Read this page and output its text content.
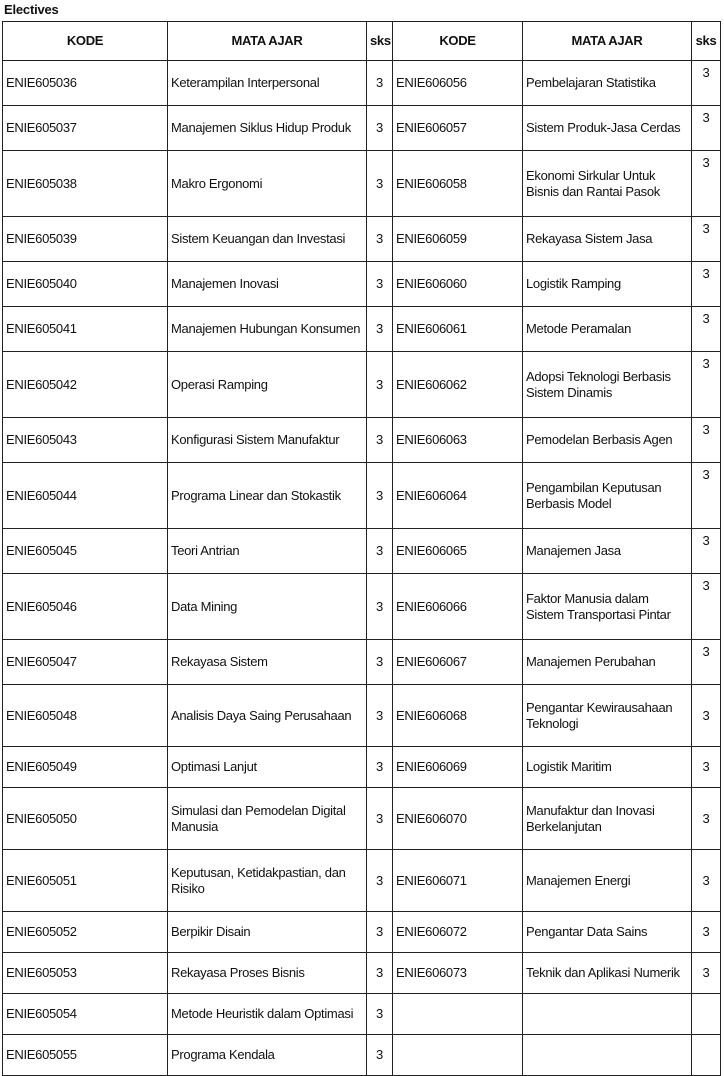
Electives
KODE	MATA AJAR	sks	KODE	MATA AJAR	sks
ENIE605036	Keterampilan Interpersonal	3	ENIE606056	Pembelajaran Statistika	3
ENIE605037	Manajemen Siklus Hidup Produk	3	ENIE606057	Sistem Produk-Jasa Cerdas	3
ENIE605038	Makro Ergonomi	3	ENIE606058	Ekonomi Sirkular Untuk Bisnis dan Rantai Pasok	3
ENIE605039	Sistem Keuangan dan Investasi	3	ENIE606059	Rekayasa Sistem Jasa	3
ENIE605040	Manajemen Inovasi	3	ENIE606060	Logistik Ramping	3
ENIE605041	Manajemen Hubungan Konsumen	3	ENIE606061	Metode Peramalan	3
ENIE605042	Operasi Ramping	3	ENIE606062	Adopsi Teknologi Berbasis Sistem Dinamis	3
ENIE605043	Konfigurasi Sistem Manufaktur	3	ENIE606063	Pemodelan Berbasis Agen	3
ENIE605044	Programa Linear dan Stokastik	3	ENIE606064	Pengambilan Keputusan Berbasis Model	3
ENIE605045	Teori Antrian	3	ENIE606065	Manajemen Jasa	3
ENIE605046	Data Mining	3	ENIE606066	Faktor Manusia dalam Sistem Transportasi Pintar	3
ENIE605047	Rekayasa Sistem	3	ENIE606067	Manajemen Perubahan	3
ENIE605048	Analisis Daya Saing Perusahaan	3	ENIE606068	Pengantar Kewirausahaan Teknologi	3
ENIE605049	Optimasi Lanjut	3	ENIE606069	Logistik Maritim	3
ENIE605050	Simulasi dan Pemodelan Digital Manusia	3	ENIE606070	Manufaktur dan Inovasi Berkelanjutan	3
ENIE605051	Keputusan, Ketidakpastian, dan Risiko	3	ENIE606071	Manajemen Energi	3
ENIE605052	Berpikir Disain	3	ENIE606072	Pengantar Data Sains	3
ENIE605053	Rekayasa Proses Bisnis	3	ENIE606073	Teknik dan Aplikasi Numerik	3
ENIE605054	Metode Heuristik dalam Optimasi	3			
ENIE605055	Programa Kendala	3			
